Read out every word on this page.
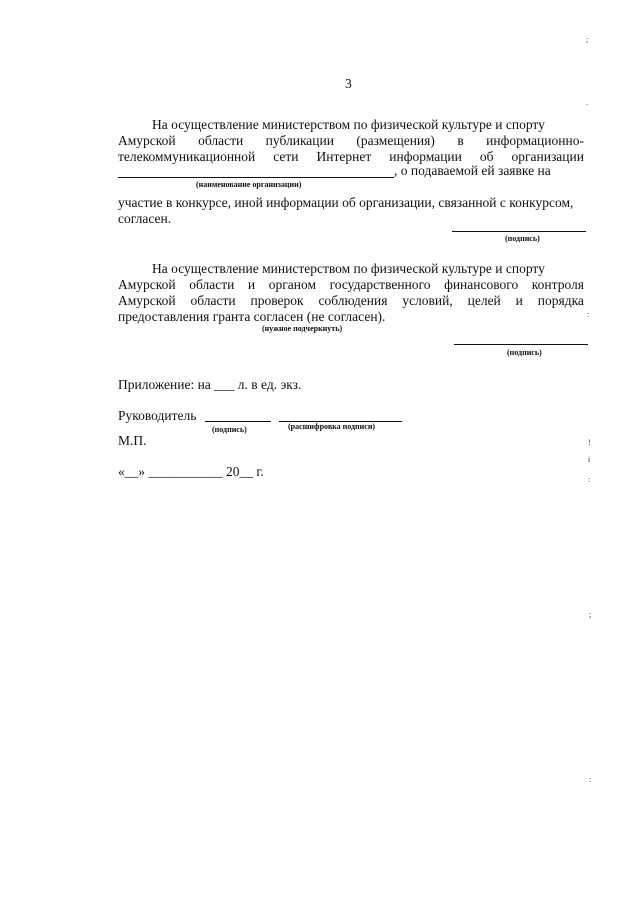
3
На осуществление министерством по физической культуре и спорту
Амурской области публикации (размещения) в информационно-
телекоммуникационной сети Интернет информации об организации
, о подаваемой ей заявке на
(наименование организации)
участие в конкурсе, иной информации об организации, связанной с конкурсом,
согласен.
(подпись)
На осуществление министерством по физической культуре и спорту
Амурской области и органом государственного финансового контроля
Амурской области проверок соблюдения условий, целей и порядка
предоставления гранта согласен (не согласен).
(нужное подчеркнуть)
(подпись)
Приложение: на ___ л. в ед. экз.
Руководитель
(подпись)	(расшифровка подписи)
М.П.
«__» ___________ 20__ г.
;
.
:
!
i
:
;
:
